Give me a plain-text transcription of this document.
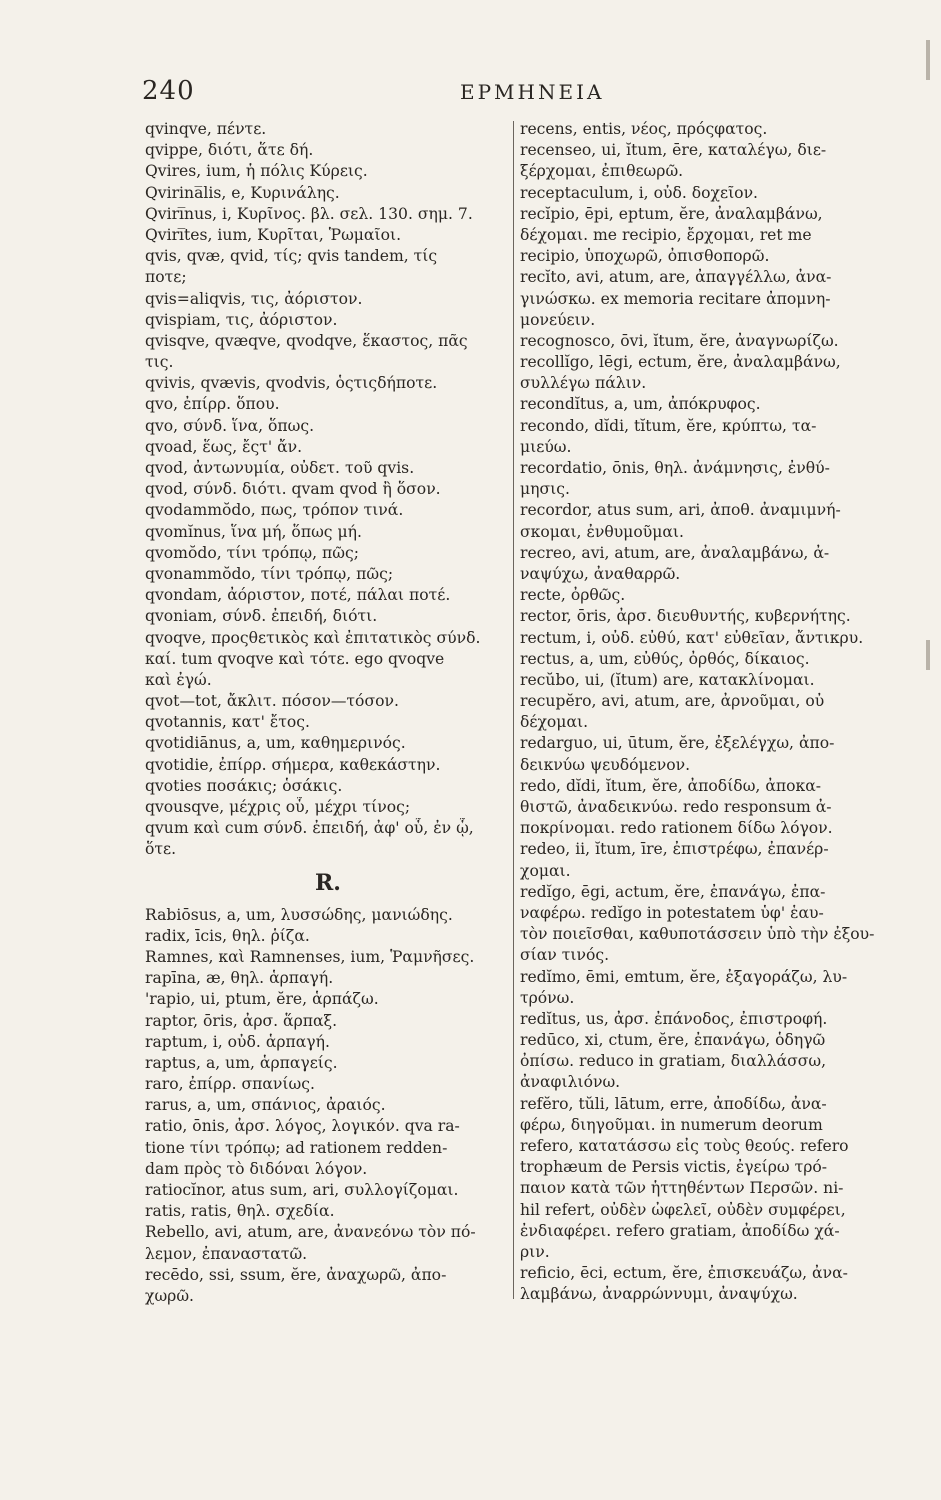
240	ΕΡΜΗΝΕΙΑ
qvinqve, πέντε.
qvippe, διότι, ἅτε δή.
Qvires, ium, ἡ πόλις Κύρεις.
Qvirina̅lis, e, Κυρινάλης.
Qviri̅nus, i, Κυρῖνος. βλ. σελ. 130. σημ. 7.
Qviri̅tes, ium, Κυρῖται, Ῥωμαῖοι.
qvis, qvæ, qvid, τίς; qvis tandem, τίς
ποτε;
qvis=aliqvis, τις, ἀόριστον.
qvispiam, τις, ἀόριστον.
qvisqve, qvæqve, qvodqve, ἕκαστος, πᾶς
τις.
qvivis, qvævis, qvodvis, ὁςτιςδήποτε.
qvo, ἐπίρρ. ὅπου.
qvo, σύνδ. ἵνα, ὅπως.
qvoad, ἕως, ἔςτ' ἄν.
qvod, ἀντωνυμία, οὐδετ. τοῦ qvis.
qvod, σύνδ. διότι. qvam qvod ἢ ὅσον.
qvodammŏdo, πως, τρόπον τινά.
qvomĭnus, ἵνα μή, ὅπως μή.
qvomŏdo, τίνι τρόπῳ, πῶς;
qvonammŏdo, τίνι τρόπῳ, πῶς;
qvondam, ἀόριστον, ποτέ, πάλαι ποτέ.
qvoniam, σύνδ. ἐπειδή, διότι.
qvoqve, προςθετικὸς καὶ ἐπιτατικὸς σύνδ.
καί. tum qvoqve καὶ τότε. ego qvoqve
καὶ ἐγώ.
qvot—tot, ἄκλιτ. πόσον—τόσον.
qvotannis, κατ' ἔτος.
qvotidiānus, a, um, καθημερινός.
qvotidie, ἐπίρρ. σήμερα, καθεκάστην.
qvoties ποσάκις; ὁσάκις.
qvousqve, μέχρις οὗ, μέχρι τίνος;
qvum καὶ cum σύνδ. ἐπειδή, ἀφ' οὗ, ἐν ᾧ,
ὅτε.
R.
Rabiōsus, a, um, λυσσώδης, μανιώδης.
radix, īcis, θηλ. ῥίζα.
Ramnes, καὶ Ramnenses, ium, Ῥαμνῆσες.
rapīna, æ, θηλ. ἁρπαγή.
'rapio, ui, ptum, ĕre, ἁρπάζω.
raptor, ōris, ἀρσ. ἅρπαξ.
raptum, i, οὐδ. ἁρπαγή.
raptus, a, um, ἁρπαγείς.
raro, ἐπίρρ. σπανίως.
rarus, a, um, σπάνιος, ἀραιός.
ratio, ōnis, ἀρσ. λόγος, λογικόν. qva ra-
tione τίνι τρόπῳ; ad rationem redden-
dam πρὸς τὸ διδόναι λόγον.
ratiocĭnor, atus sum, ari, συλλογίζομαι.
ratis, ratis, θηλ. σχεδία.
Rebello, avi, atum, are, ἀνανεόνω τὸν πό-
λεμον, ἐπαναστατῶ.
recēdo, ssi, ssum, ĕre, ἀναχωρῶ, ἀπο-
χωρῶ.
recens, entis, νέος, πρόςφατος.
recenseo, ui, ĭtum, ēre, καταλέγω, διε-
ξέρχομαι, ἐπιθεωρῶ.
receptaculum, i, οὐδ. δοχεῖον.
recĭpio, ēpi, eptum, ĕre, ἀναλαμβάνω,
δέχομαι. me recipio, ἔρχομαι, ret me
recipio, ὑποχωρῶ, ὀπισθοπορῶ.
recĭto, avi, atum, are, ἀπαγγέλλω, ἀνα-
γινώσκω. ex memoria recitare ἀπομνη-
μονεύειν.
recognosco, ōvi, ĭtum, ĕre, ἀναγνωρίζω.
recollĭgo, lēgi, ectum, ĕre, ἀναλαμβάνω,
συλλέγω πάλιν.
recondĭtus, a, um, ἀπόκρυφος.
recondo, dĭdi, tĭtum, ĕre, κρύπτω, τα-
μιεύω.
recordatio, ōnis, θηλ. ἀνάμνησις, ἐνθύ-
μησις.
recordor, atus sum, ari, ἀποθ. ἀναμιμνή-
σκομαι, ἐνθυμοῦμαι.
recreo, avi, atum, are, ἀναλαμβάνω, ἀ-
ναψύχω, ἀναθαρρῶ.
recte, ὀρθῶς.
rector, ōris, ἀρσ. διευθυντής, κυβερνήτης.
rectum, i, οὐδ. εὐθύ, κατ' εὐθεῖαν, ἄντικρυ.
rectus, a, um, εὐθύς, ὀρθός, δίκαιος.
recŭbo, ui, (ĭtum) are, κατακλίνομαι.
recupĕro, avi, atum, are, ἀρνοῦμαι, οὐ
δέχομαι.
redarguo, ui, ūtum, ĕre, ἐξελέγχω, ἀπο-
δεικνύω ψευδόμενον.
redo, dĭdi, ĭtum, ĕre, ἀποδίδω, ἀποκα-
θιστῶ, ἀναδεικνύω. redo responsum ἀ-
ποκρίνομαι. redo rationem δίδω λόγον.
redeo, ii, ĭtum, īre, ἐπιστρέφω, ἐπανέρ-
χομαι.
redĭgo, ēgi, actum, ĕre, ἐπανάγω, ἐπα-
ναφέρω. redĭgo in potestatem ὑφ' ἑαυ-
τὸν ποιεῖσθαι, καθυποτάσσειν ὑπὸ τὴν ἐξου-
σίαν τινός.
redĭmo, ēmi, emtum, ĕre, ἐξαγοράζω, λυ-
τρόνω.
redĭtus, us, ἀρσ. ἐπάνοδος, ἐπιστροφή.
redūco, xi, ctum, ĕre, ἐπανάγω, ὁδηγῶ
ὀπίσω. reduco in gratiam, διαλλάσσω,
ἀναφιλιόνω.
refĕro, tŭli, lātum, erre, ἀποδίδω, ἀνα-
φέρω, διηγοῦμαι. in numerum deorum
refero, κατατάσσω εἰς τοὺς θεούς. refero
trophæum de Persis victis, ἐγείρω τρό-
παιον κατὰ τῶν ἡττηθέντων Περσῶν. ni-
hil refert, οὐδὲν ὠφελεῖ, οὐδὲν συμφέρει,
ἐνδιαφέρει. refero gratiam, ἀποδίδω χά-
ριν.
reficio, ēci, ectum, ĕre, ἐπισκευάζω, ἀνα-
λαμβάνω, ἀναρρώννυμι, ἀναψύχω.
